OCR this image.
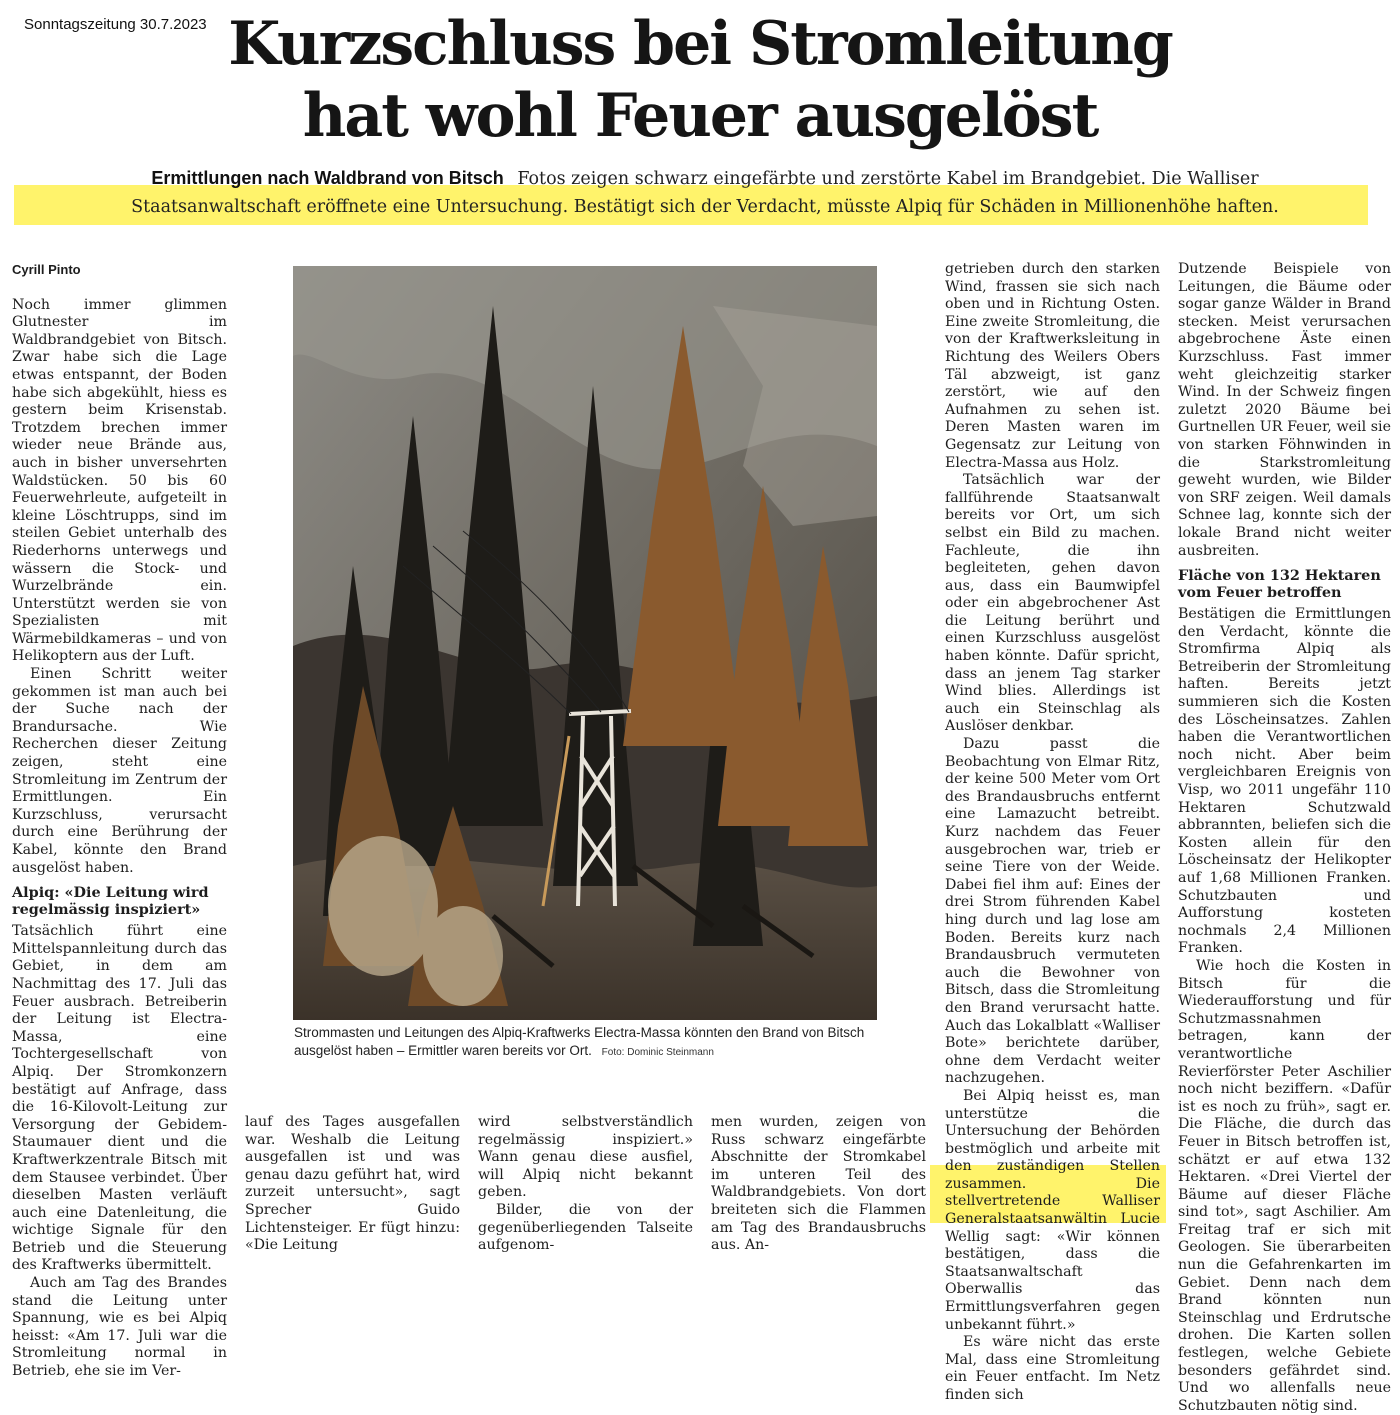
Sonntagszeitung 30.7.2023 Kurzschluss bei Stromleitung
hat wohl Feuer ausgelöst
Ermittlungen nach Waldbrand von Bitsch Fotos zeigen schwarz eingefärbte und zerstörte Kabel im Brandgebiet. Die Walliser Staatsanwaltschaft eröffnete eine Untersuchung. Bestätigt sich der Verdacht, müsste Alpiq für Schäden in Millionenhöhe haften.
Cyrill Pinto

Noch immer glimmen Glutnester im Waldbrandgebiet von Bitsch. Zwar habe sich die Lage etwas entspannt, der Boden habe sich abgekühlt, hiess es gestern beim Krisenstab. Trotzdem brechen immer wieder neue Brände aus, auch in bisher unversehrten Waldstücken. 50 bis 60 Feuerwehrleute, aufgeteilt in kleine Löschtrupps, sind im steilen Gebiet unterhalb des Riederhorns unterwegs und wässern die Stock- und Wurzelbrände ein. Unterstützt werden sie von Spezialisten mit Wärmebildkameras – und von Helikoptern aus der Luft.

Einen Schritt weiter gekommen ist man auch bei der Suche nach der Brandursache. Wie Recherchen dieser Zeitung zeigen, steht eine Stromleitung im Zentrum der Ermittlungen. Ein Kurzschluss, verursacht durch eine Berührung der Kabel, könnte den Brand ausgelöst haben.

Alpiq: «Die Leitung wird regelmässig inspiziert»

Tatsächlich führt eine Mittelspannleitung durch das Gebiet, in dem am Nachmittag des 17. Juli das Feuer ausbrach. Betreiberin der Leitung ist Electra-Massa, eine Tochtergesellschaft von Alpiq. Der Stromkonzern bestätigt auf Anfrage, dass die 16-Kilovolt-Leitung zur Versorgung der Gebidem-Staumauer dient und die Kraftwerkzentrale Bitsch mit dem Stausee verbindet. Über dieselben Masten verläuft auch eine Datenleitung, die wichtige Signale für den Betrieb und die Steuerung des Kraftwerks übermittelt.

Auch am Tag des Brandes stand die Leitung unter Spannung, wie es bei Alpiq heisst: «Am 17. Juli war die Stromleitung normal in Betrieb, ehe sie im Ver-

Strommasten und Leitungen des Alpiq-Kraftwerks Electra-Massa könnten den Brand von Bitsch ausgelöst haben – Ermittler waren bereits vor Ort. Foto: Dominic Steinmann

lauf des Tages ausgefallen war. Weshalb die Leitung ausgefallen ist und was genau dazu geführt hat, wird zurzeit untersucht», sagt Sprecher Guido Lichtensteiger. Er fügt hinzu: «Die Leitung

wird selbstverständlich regelmässig inspiziert.» Wann genau diese ausfiel, will Alpiq nicht bekannt geben.

Bilder, die von der gegenüberliegenden Talseite aufgenom-

men wurden, zeigen von Russ schwarz eingefärbte Abschnitte der Stromkabel im unteren Teil des Waldbrandgebiets. Von dort breiteten sich die Flammen am Tag des Brandausbruchs aus. An-

getrieben durch den starken Wind, frassen sie sich nach oben und in Richtung Osten. Eine zweite Stromleitung, die von der Kraftwerksleitung in Richtung des Weilers Obers Täl abzweigt, ist ganz zerstört, wie auf den Aufnahmen zu sehen ist. Deren Masten waren im Gegensatz zur Leitung von Electra-Massa aus Holz.

Tatsächlich war der fallführende Staatsanwalt bereits vor Ort, um sich selbst ein Bild zu machen. Fachleute, die ihn begleiteten, gehen davon aus, dass ein Baumwipfel oder ein abgebrochener Ast die Leitung berührt und einen Kurzschluss ausgelöst haben könnte. Dafür spricht, dass an jenem Tag starker Wind blies. Allerdings ist auch ein Steinschlag als Auslöser denkbar.

Dazu passt die Beobachtung von Elmar Ritz, der keine 500 Meter vom Ort des Brandausbruchs entfernt eine Lamazucht betreibt. Kurz nachdem das Feuer ausgebrochen war, trieb er seine Tiere von der Weide. Dabei fiel ihm auf: Eines der drei Strom führenden Kabel hing durch und lag lose am Boden. Bereits kurz nach Brandausbruch vermuteten auch die Bewohner von Bitsch, dass die Stromleitung den Brand verursacht hatte. Auch das Lokalblatt «Walliser Bote» berichtete darüber, ohne dem Verdacht weiter nachzugehen.

Bei Alpiq heisst es, man unterstütze die Untersuchung der Behörden bestmöglich und arbeite mit den zuständigen Stellen zusammen. Die stellvertretende Walliser Generalstaatsanwältin Lucie Wellig sagt: «Wir können bestätigen, dass die Staatsanwaltschaft Oberwallis das Ermittlungsverfahren gegen unbekannt führt.»

Es wäre nicht das erste Mal, dass eine Stromleitung ein Feuer entfacht. Im Netz finden sich

Dutzende Beispiele von Leitungen, die Bäume oder sogar ganze Wälder in Brand stecken. Meist verursachen abgebrochene Äste einen Kurzschluss. Fast immer weht gleichzeitig starker Wind. In der Schweiz fingen zuletzt 2020 Bäume bei Gurtnellen UR Feuer, weil sie von starken Föhnwinden in die Starkstromleitung geweht wurden, wie Bilder von SRF zeigen. Weil damals Schnee lag, konnte sich der lokale Brand nicht weiter ausbreiten.

Fläche von 132 Hektaren vom Feuer betroffen

Bestätigen die Ermittlungen den Verdacht, könnte die Stromfirma Alpiq als Betreiberin der Stromleitung haften. Bereits jetzt summieren sich die Kosten des Löscheinsatzes. Zahlen haben die Verantwortlichen noch nicht. Aber beim vergleichbaren Ereignis von Visp, wo 2011 ungefähr 110 Hektaren Schutzwald abbrannten, beliefen sich die Kosten allein für den Löscheinsatz der Helikopter auf 1,68 Millionen Franken. Schutzbauten und Aufforstung kosteten nochmals 2,4 Millionen Franken.

Wie hoch die Kosten in Bitsch für die Wiederaufforstung und für Schutzmassnahmen betragen, kann der verantwortliche Revierförster Peter Aschilier noch nicht beziffern. «Dafür ist es noch zu früh», sagt er. Die Fläche, die durch das Feuer in Bitsch betroffen ist, schätzt er auf etwa 132 Hektaren. «Drei Viertel der Bäume auf dieser Fläche sind tot», sagt Aschilier. Am Freitag traf er sich mit Geologen. Sie überarbeiten nun die Gefahrenkarten im Gebiet. Denn nach dem Brand könnten nun Steinschlag und Erdrutsche drohen. Die Karten sollen festlegen, welche Gebiete besonders gefährdet sind. Und wo allenfalls neue Schutzbauten nötig sind.
